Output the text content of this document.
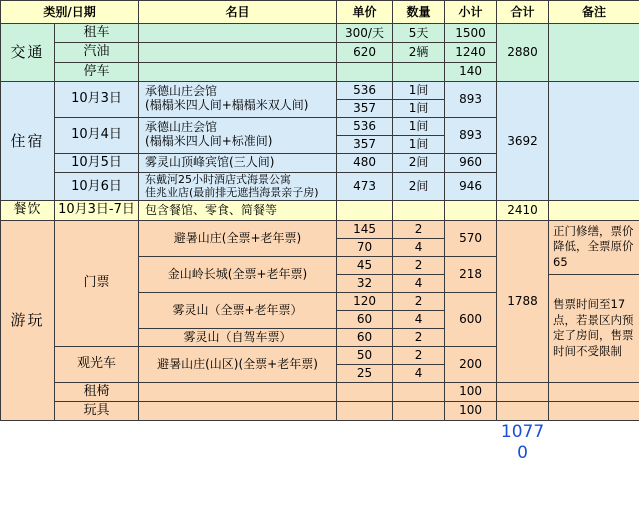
类别/日期		名目	单价	数量	小计	合计	备注
交通	租车		300/天	5天	1500	2880	
	汽油		620	2辆	1240		
	停车				140		
住宿	10月3日	承德山庄会馆
(榻榻米四人间+榻榻米双人间)	536	1间	893	3692	
			357	1间			
	10月4日	承德山庄会馆
(榻榻米四人间+标准间)	536	1间	893		
			357	1间			
	10月5日	雾灵山顶峰宾馆(三人间)	480	2间	960		
	10月6日	东戴河25小时酒店式海景公寓
佳兆业店(最前排无遮挡海景亲子房)	473	2间	946		
餐饮	10月3日-7日	包含餐馆、零食、简餐等				2410	
游玩	门票	避暑山庄(全票+老年票)	145	2	570	1788	正门修缮，票价降低，全票原价65
			70	4			
		金山岭长城(全票+老年票)	45	2	218		
			32	4			售票时间至17点，若景区内预定了房间，售票时间不受限制
		雾灵山（全票+老年票）	120	2	600		
			60	4			
		雾灵山（自驾车票）	60	2			
	观光车	避暑山庄(山区)(全票+老年票)	50	2	200		
			25	4			
	租椅				100		
	玩具				100		
						10770	
